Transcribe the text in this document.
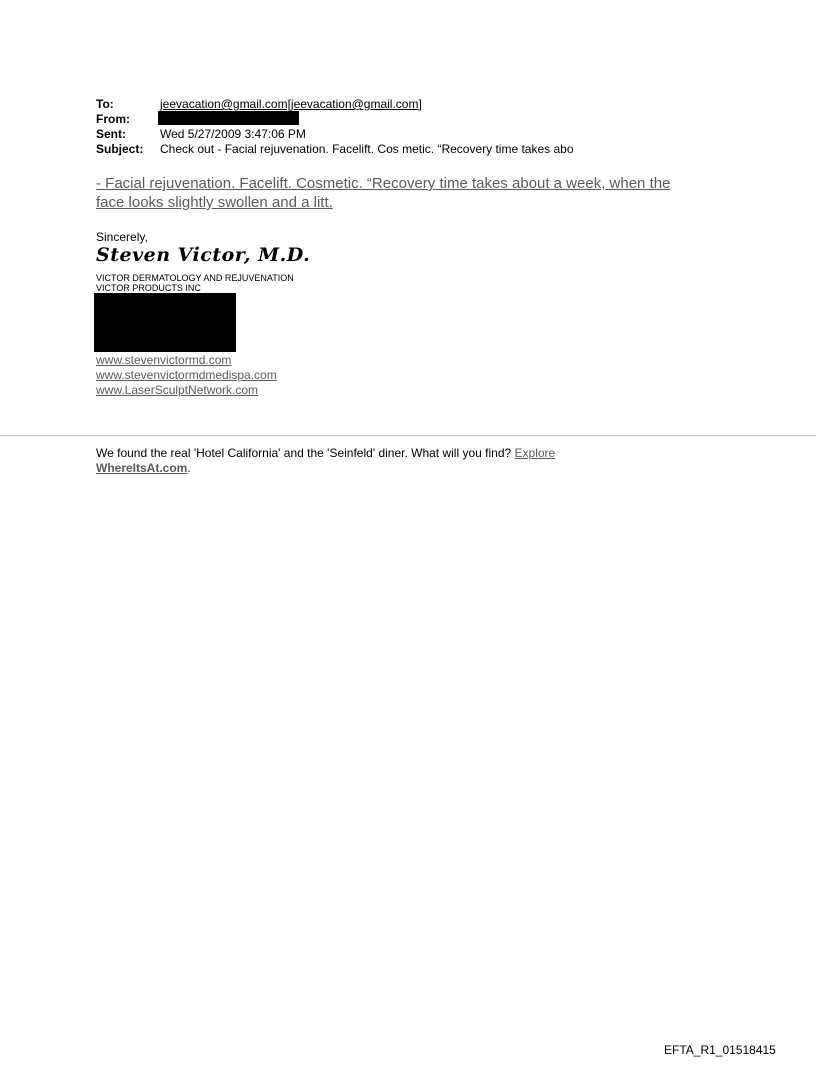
To:	jeevacation@gmail.com[jeevacation@gmail.com]
From:
Sent:	Wed 5/27/2009 3:47:06 PM
Subject: Check out - Facial rejuvenation. Facelift. Cos metic. “Recovery time takes abo
- Facial rejuvenation. Facelift. Cosmetic. “Recovery time takes about a week, when the
face looks slightly swollen and a litt.
Sincerely,
Steven Victor, M.D.
VICTOR DERMATOLOGY AND REJUVENATION
VICTOR PRODUCTS INC
www.stevenvictormd.com
www.stevenvictormdmedispa.com
www.LaserSculptNetwork.com
We found the real 'Hotel California' and the 'Seinfeld' diner. What will you find? Explore
WhereItsAt.com.
EFTA_R1_01518415
